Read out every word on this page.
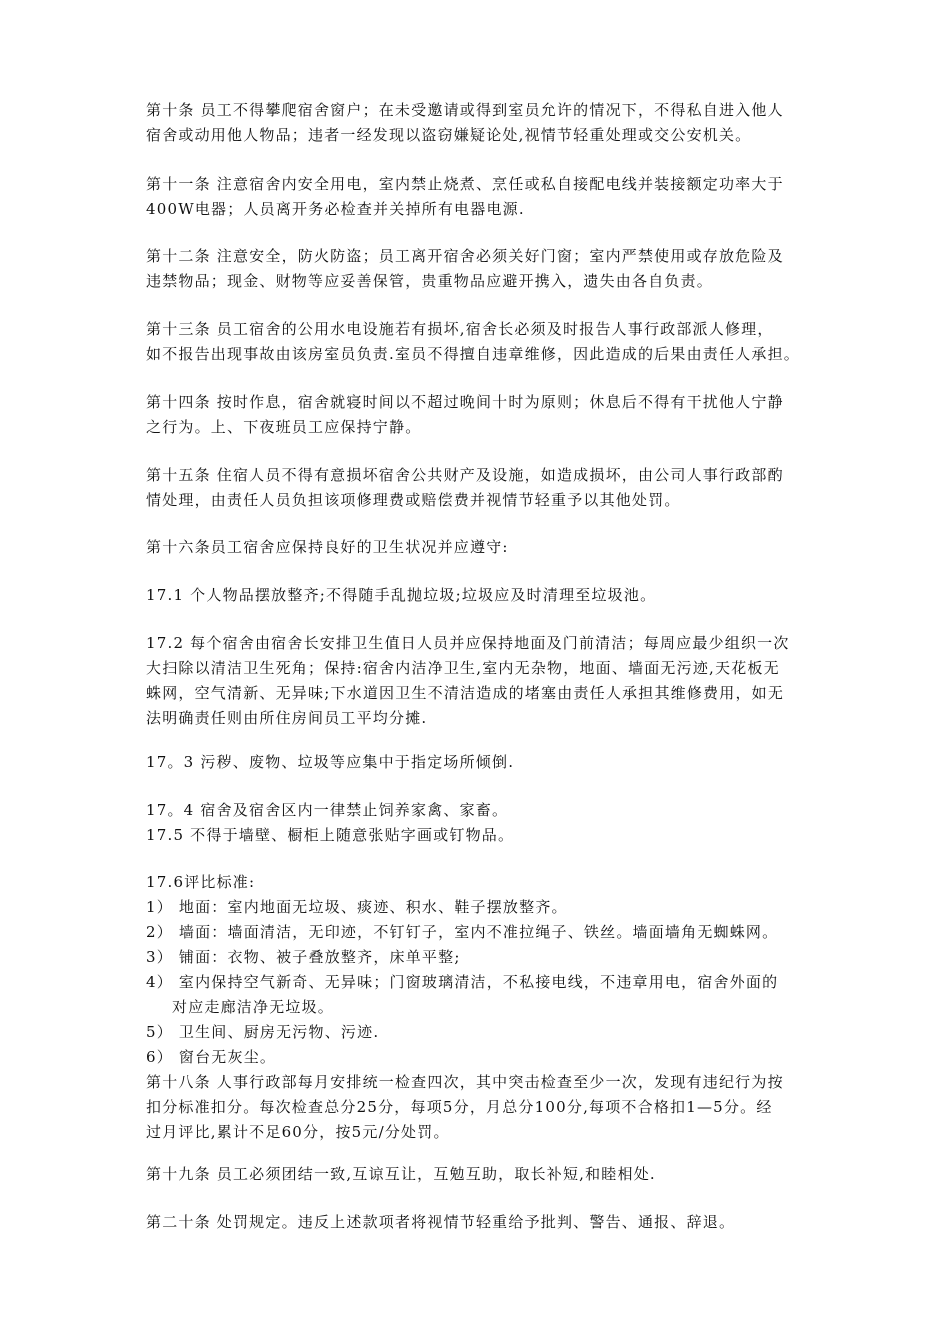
第十条 员工不得攀爬宿舍窗户；在未受邀请或得到室员允许的情况下，不得私自进入他人
宿舍或动用他人物品；违者一经发现以盗窃嫌疑论处,视情节轻重处理或交公安机关。

第十一条 注意宿舍内安全用电，室内禁止烧煮、烹任或私自接配电线并装接额定功率大于
400W电器；人员离开务必检查并关掉所有电器电源.

第十二条 注意安全，防火防盗；员工离开宿舍必须关好门窗；室内严禁使用或存放危险及
违禁物品；现金、财物等应妥善保管，贵重物品应避开携入，遗失由各自负责。

第十三条 员工宿舍的公用水电设施若有损坏,宿舍长必须及时报告人事行政部派人修理，
如不报告出现事故由该房室员负责.室员不得擅自违章维修，因此造成的后果由责任人承担。

第十四条 按时作息，宿舍就寝时间以不超过晚间十时为原则；休息后不得有干扰他人宁静
之行为。上、下夜班员工应保持宁静。

第十五条 住宿人员不得有意损坏宿舍公共财产及设施，如造成损坏，由公司人事行政部酌
情处理，由责任人员负担该项修理费或赔偿费并视情节轻重予以其他处罚。

第十六条员工宿舍应保持良好的卫生状况并应遵守:

17.1 个人物品摆放整齐;不得随手乱抛垃圾;垃圾应及时清理至垃圾池。

17.2 每个宿舍由宿舍长安排卫生值日人员并应保持地面及门前清洁；每周应最少组织一次
大扫除以清洁卫生死角；保持:宿舍内洁净卫生,室内无杂物，地面、墙面无污迹,天花板无
蛛网，空气清新、无异味;下水道因卫生不清洁造成的堵塞由责任人承担其维修费用，如无
法明确责任则由所住房间员工平均分摊.

17。3 污秽、废物、垃圾等应集中于指定场所倾倒.

17。4 宿舍及宿舍区内一律禁止饲养家禽、家畜。
17.5 不得于墙壁、橱柜上随意张贴字画或钉物品。

17.6评比标准:
1） 地面：室内地面无垃圾、痰迹、积水、鞋子摆放整齐。
2） 墙面：墙面清洁，无印迹，不钉钉子，室内不准拉绳子、铁丝。墙面墙角无蜘蛛网。
3） 铺面：衣物、被子叠放整齐，床单平整;
4） 室内保持空气新奇、无异味；门窗玻璃清洁，不私接电线，不违章用电，宿舍外面的
对应走廊洁净无垃圾。
5） 卫生间、厨房无污物、污迹.
6） 窗台无灰尘。
第十八条 人事行政部每月安排统一检查四次，其中突击检查至少一次，发现有违纪行为按
扣分标准扣分。每次检查总分25分，每项5分，月总分100分,每项不合格扣1—5分。经
过月评比,累计不足60分，按5元/分处罚。

第十九条 员工必须团结一致,互谅互让，互勉互助，取长补短,和睦相处.

第二十条 处罚规定。违反上述款项者将视情节轻重给予批判、警告、通报、辞退。
